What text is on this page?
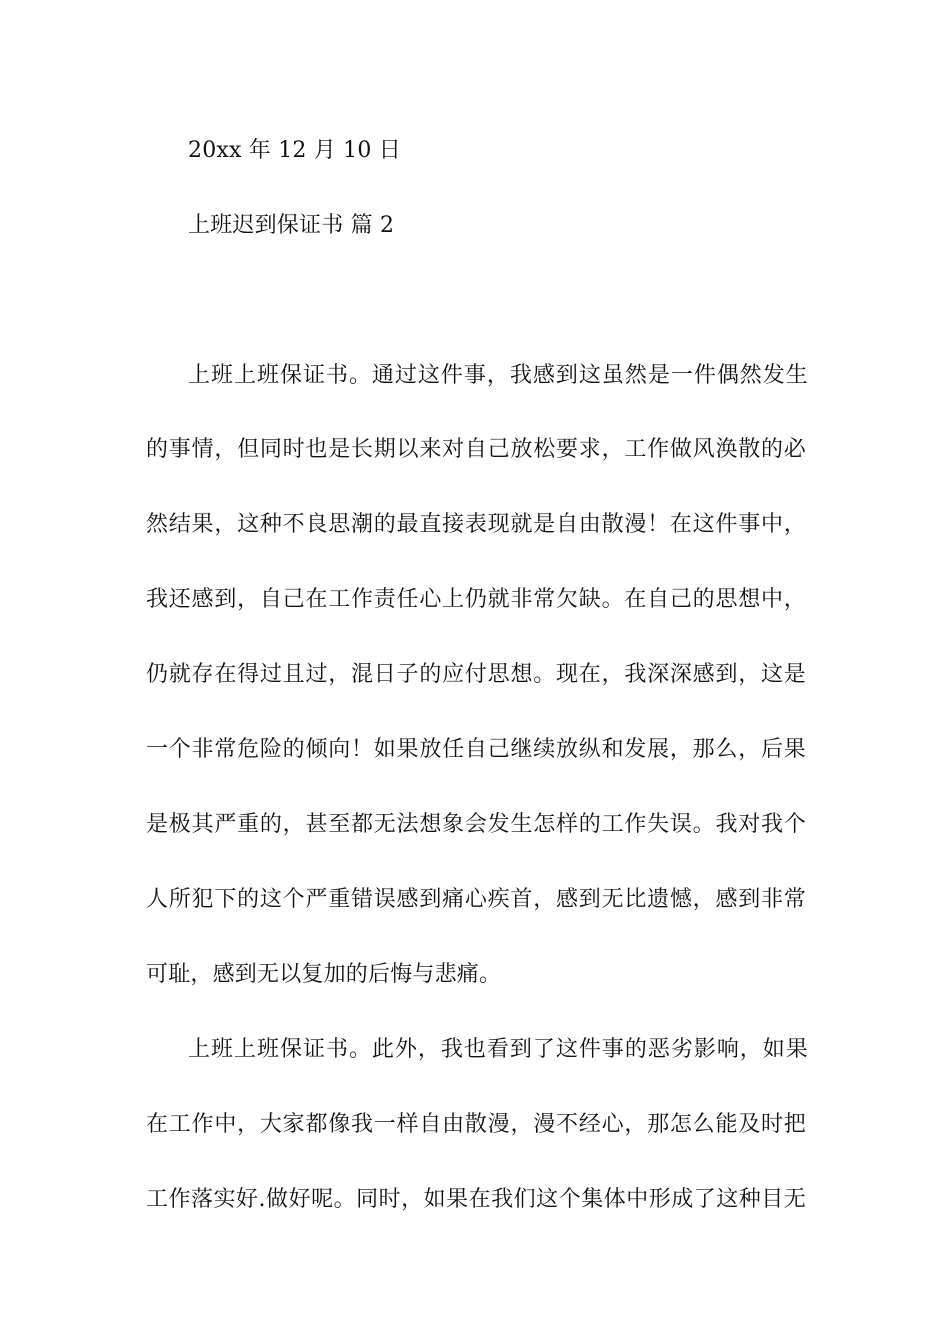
20xx 年 12 月 10 日
上班迟到保证书 篇 2
上班上班保证书。通过这件事，我感到这虽然是一件偶然发生
的事情，但同时也是长期以来对自己放松要求，工作做风涣散的必
然结果，这种不良思潮的最直接表现就是自由散漫！在这件事中，
我还感到，自己在工作责任心上仍就非常欠缺。在自己的思想中，
仍就存在得过且过，混日子的应付思想。现在，我深深感到，这是
一个非常危险的倾向！如果放任自己继续放纵和发展，那么，后果
是极其严重的，甚至都无法想象会发生怎样的工作失误。我对我个
人所犯下的这个严重错误感到痛心疾首，感到无比遗憾，感到非常
可耻，感到无以复加的后悔与悲痛。
上班上班保证书。此外，我也看到了这件事的恶劣影响，如果
在工作中，大家都像我一样自由散漫，漫不经心，那怎么能及时把
工作落实好.做好呢。同时，如果在我们这个集体中形成了这种目无
